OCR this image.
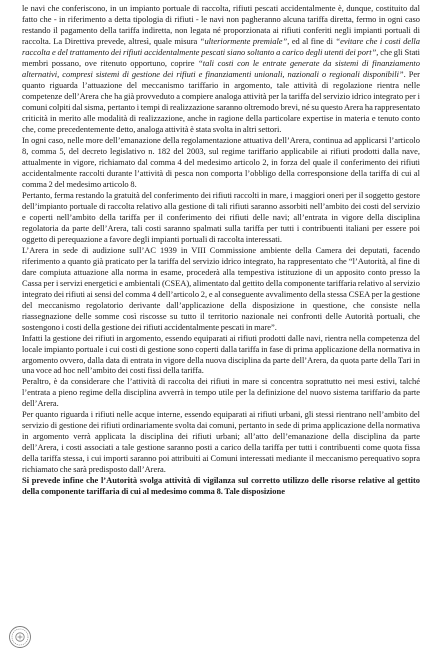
le navi che conferiscono, in un impianto portuale di raccolta, rifiuti pescati accidentalmente è, dunque, costituito dal fatto che - in riferimento a detta tipologia di rifiuti - le navi non pagheranno alcuna tariffa diretta, fermo in ogni caso restando il pagamento della tariffa indiretta, non legata né proporzionata ai rifiuti conferiti negli impianti portuali di raccolta. La Direttiva prevede, altresì, quale misura “ulteriormente premiale”, ed al fine di “evitare che i costi della raccolta e del trattamento dei rifiuti accidentalmente pescati siano soltanto a carico degli utenti dei port”, che gli Stati membri possano, ove ritenuto opportuno, coprire “tali costi con le entrate generate da sistemi di finanziamento alternativi, compresi sistemi di gestione dei rifiuti e finanziamenti unionali, nazionali o regionali disponibili”. Per quanto riguarda l’attuazione del meccanismo tariffario in argomento, tale attività di regolazione rientra nelle competenze dell’Arera che ha già provveduto a compiere analoga attività per la tariffa del servizio idrico integrato per i comuni colpiti dal sisma, pertanto i tempi di realizzazione saranno oltremodo brevi, né su questo Arera ha rappresentato criticità in merito alle modalità di realizzazione, anche in ragione della particolare expertise in materia e tenuto conto che, come precedentemente detto, analoga attività è stata svolta in altri settori.

In ogni caso, nelle more dell’emanazione della regolamentazione attuativa dell’Arera, continua ad applicarsi l’articolo 8, comma 5, del decreto legislativo n. 182 del 2003, sul regime tariffario applicabile ai rifiuti prodotti dalla nave, attualmente in vigore, richiamato dal comma 4 del medesimo articolo 2, in forza del quale il conferimento dei rifiuti accidentalmente raccolti durante l’attività di pesca non comporta l’obbligo della corresponsione della tariffa di cui al comma 2 del medesimo articolo 8.

Pertanto, ferma restando la gratuità del conferimento dei rifiuti raccolti in mare, i maggiori oneri per il soggetto gestore dell’impianto portuale di raccolta relativo alla gestione di tali rifiuti saranno assorbiti nell’ambito dei costi del servizio e coperti nell’ambito della tariffa per il conferimento dei rifiuti delle navi; all’entrata in vigore della disciplina regolatoria da parte dell’Arera, tali costi saranno spalmati sulla tariffa per tutti i contribuenti italiani per essere poi oggetto di perequazione a favore degli impianti portuali di raccolta interessati.

L’Arera in sede di audizione sull’AC 1939 in VIII Commissione ambiente della Camera dei deputati, facendo riferimento a quanto già praticato per la tariffa del servizio idrico integrato, ha rappresentato che “l’Autorità, al fine di dare compiuta attuazione alla norma in esame, procederà alla tempestiva istituzione di un apposito conto presso la Cassa per i servizi energetici e ambientali (CSEA), alimentato dal gettito della componente tariffaria relativo al servizio integrato dei rifiuti ai sensi del comma 4 dell’articolo 2, e al conseguente avvalimento della stessa CSEA per la gestione del meccanismo regolatorio derivante dall’applicazione della disposizione in questione, che consiste nella riassegnazione delle somme così riscosse su tutto il territorio nazionale nei confronti delle Autorità portuali, che sostengono i costi della gestione dei rifiuti accidentalmente pescati in mare”.

Infatti la gestione dei rifiuti in argomento, essendo equiparati ai rifiuti prodotti dalle navi, rientra nella competenza del locale impianto portuale i cui costi di gestione sono coperti dalla tariffa in fase di prima applicazione della normativa in argomento ovvero, dalla data di entrata in vigore della nuova disciplina da parte dell’Arera, da quota parte della Tari in una voce ad hoc nell’ambito dei costi fissi della tariffa.

Peraltro, è da considerare che l’attività di raccolta dei rifiuti in mare si concentra soprattutto nei mesi estivi, talché l’entrata a pieno regime della disciplina avverrà in tempo utile per la definizione del nuovo sistema tariffario da parte dell’Arera.

Per quanto riguarda i rifiuti nelle acque interne, essendo equiparati ai rifiuti urbani, gli stessi rientrano nell’ambito del servizio di gestione dei rifiuti ordinariamente svolta dai comuni, pertanto in sede di prima applicazione della normativa in argomento verrà applicata la disciplina dei rifiuti urbani; all’atto dell’emanazione della disciplina da parte dell’Arera, i costi associati a tale gestione saranno posti a carico della tariffa per tutti i contribuenti come quota fissa della tariffa stessa, i cui importi saranno poi attribuiti ai Comuni interessati mediante il meccanismo perequativo sopra richiamato che sarà predisposto dall’Arera.

Si prevede infine che l’Autorità svolga attività di vigilanza sul corretto utilizzo delle risorse relative al gettito della componente tariffaria di cui al medesimo comma 8. Tale disposizione
